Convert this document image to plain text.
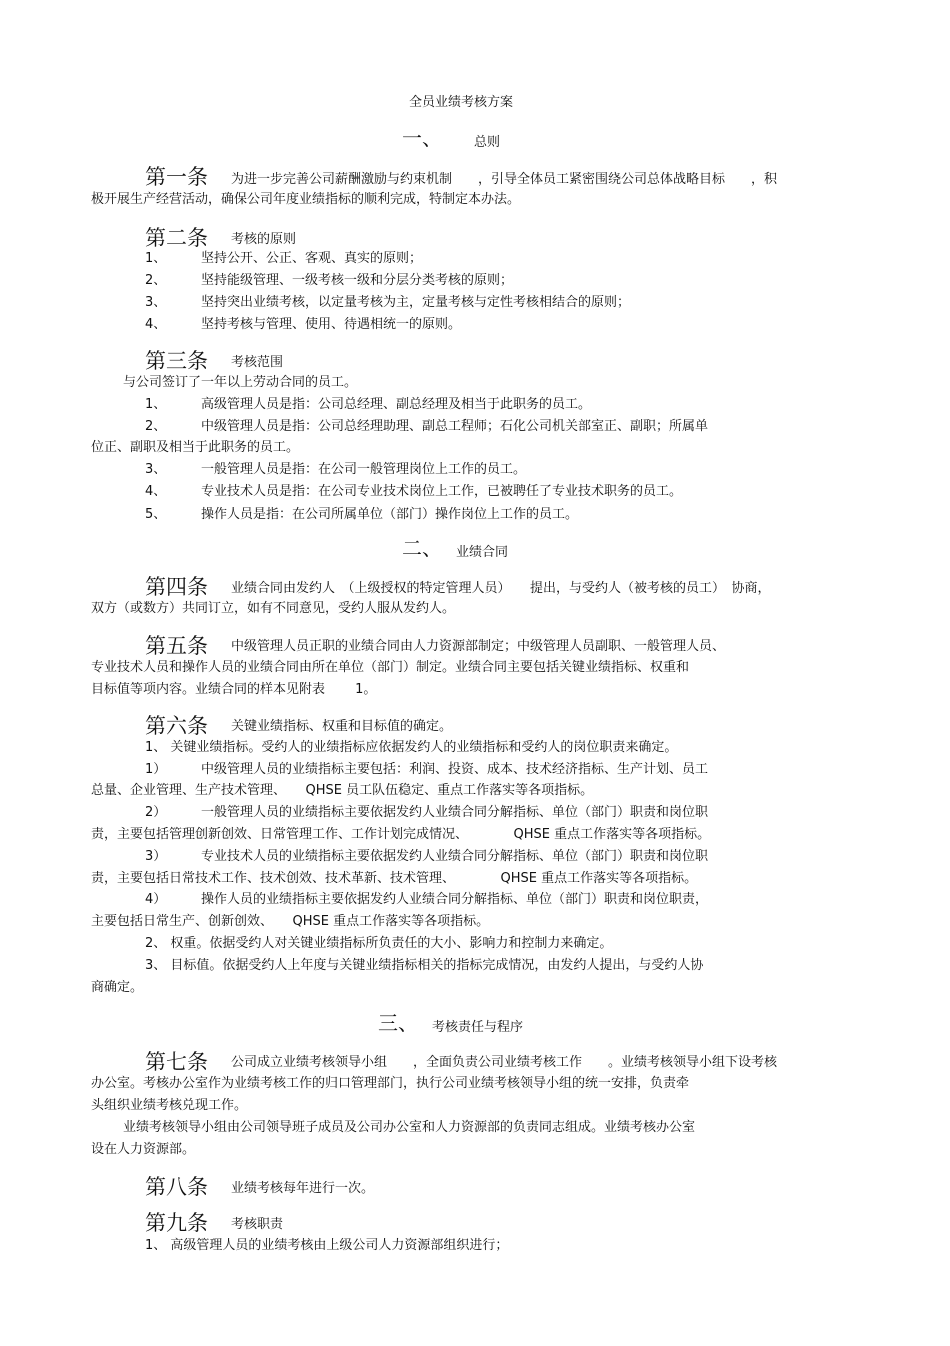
全员业绩考核方案
一、 总则
第一条 为进一步完善公司薪酬激励与约束机制　　，引导全体员工紧密围绕公司总体战略目标　　，积
极开展生产经营活动，确保公司年度业绩指标的顺利完成，特制定本办法。
第二条 考核的原则
1、	坚持公开、公正、客观、真实的原则；
2、	坚持能级管理、一级考核一级和分层分类考核的原则；
3、	坚持突出业绩考核，以定量考核为主，定量考核与定性考核相结合的原则；
4、	坚持考核与管理、使用、待遇相统一的原则。
第三条 考核范围
与公司签订了一年以上劳动合同的员工。
1、	高级管理人员是指：公司总经理、副总经理及相当于此职务的员工。
2、	中级管理人员是指：公司总经理助理、副总工程师；石化公司机关部室正、副职；所属单
位正、副职及相当于此职务的员工。
3、	一般管理人员是指：在公司一般管理岗位上工作的员工。
4、	专业技术人员是指：在公司专业技术岗位上工作，已被聘任了专业技术职务的员工。
5、	操作人员是指：在公司所属单位（部门）操作岗位上工作的员工。
二、 业绩合同
第四条 业绩合同由发约人　（上级授权的特定管理人员）　　提出，与受约人（被考核的员工）　协商，
双方（或数方）共同订立，如有不同意见，受约人服从发约人。
第五条 中级管理人员正职的业绩合同由人力资源部制定；中级管理人员副职、一般管理人员、
专业技术人员和操作人员的业绩合同由所在单位（部门）制定。业绩合同主要包括关键业绩指标、权重和
目标值等项内容。业绩合同的样本见附表　　 1。
第六条 关键业绩指标、权重和目标值的确定。
1、 关键业绩指标。受约人的业绩指标应依据发约人的业绩指标和受约人的岗位职责来确定。
1）	中级管理人员的业绩指标主要包括：利润、投资、成本、技术经济指标、生产计划、员工
总量、企业管理、生产技术管理、　　QHSE 员工队伍稳定、重点工作落实等各项指标。
2）	一般管理人员的业绩指标主要依据发约人业绩合同分解指标、单位（部门）职责和岗位职
责，主要包括管理创新创效、日常管理工作、工作计划完成情况、　　　　QHSE 重点工作落实等各项指标。
3）	专业技术人员的业绩指标主要依据发约人业绩合同分解指标、单位（部门）职责和岗位职
责，主要包括日常技术工作、技术创效、技术革新、技术管理、　　　　QHSE 重点工作落实等各项指标。
4）	操作人员的业绩指标主要依据发约人业绩合同分解指标、单位（部门）职责和岗位职责，
主要包括日常生产、创新创效、　　QHSE 重点工作落实等各项指标。
2、 权重。依据受约人对关键业绩指标所负责任的大小、影响力和控制力来确定。
3、 目标值。依据受约人上年度与关键业绩指标相关的指标完成情况，由发约人提出，与受约人协
商确定。
三、 考核责任与程序
第七条 公司成立业绩考核领导小组　　，全面负责公司业绩考核工作　　。业绩考核领导小组下设考核
办公室。考核办公室作为业绩考核工作的归口管理部门，执行公司业绩考核领导小组的统一安排，负责牵
头组织业绩考核兑现工作。
业绩考核领导小组由公司领导班子成员及公司办公室和人力资源部的负责同志组成。业绩考核办公室
设在人力资源部。
第八条 业绩考核每年进行一次。
第九条 考核职责
1、 高级管理人员的业绩考核由上级公司人力资源部组织进行；
